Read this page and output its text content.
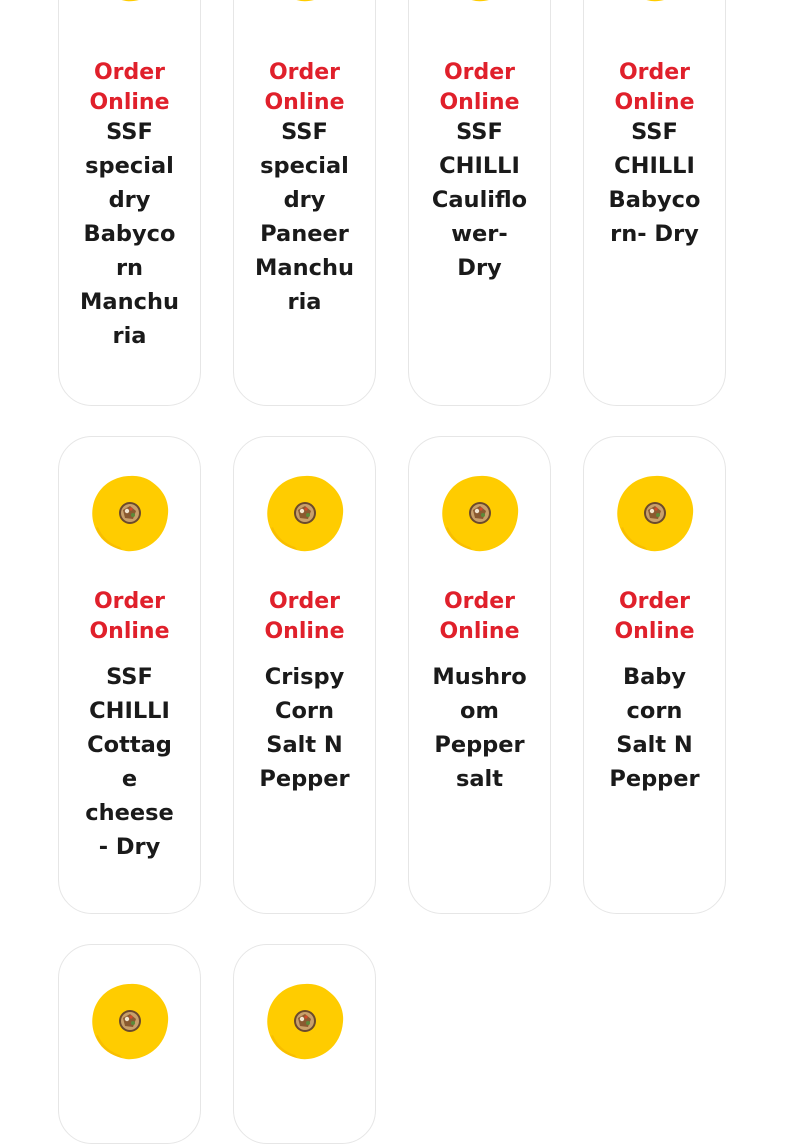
Order
Online
SSF
special
dry
Babyco
rn
Manchu
ria
Order
Online
SSF
special
dry
Paneer
Manchu
ria
Order
Online
SSF
CHILLI
Cauliflo
wer-
Dry
Order
Online
SSF
CHILLI
Babyco
rn- Dry
Order
Online
SSF
CHILLI
Cottag
e
cheese
- Dry
Order
Online
Crispy
Corn
Salt N
Pepper
Order
Online
Mushro
om
Pepper
salt
Order
Online
Baby
corn
Salt N
Pepper
